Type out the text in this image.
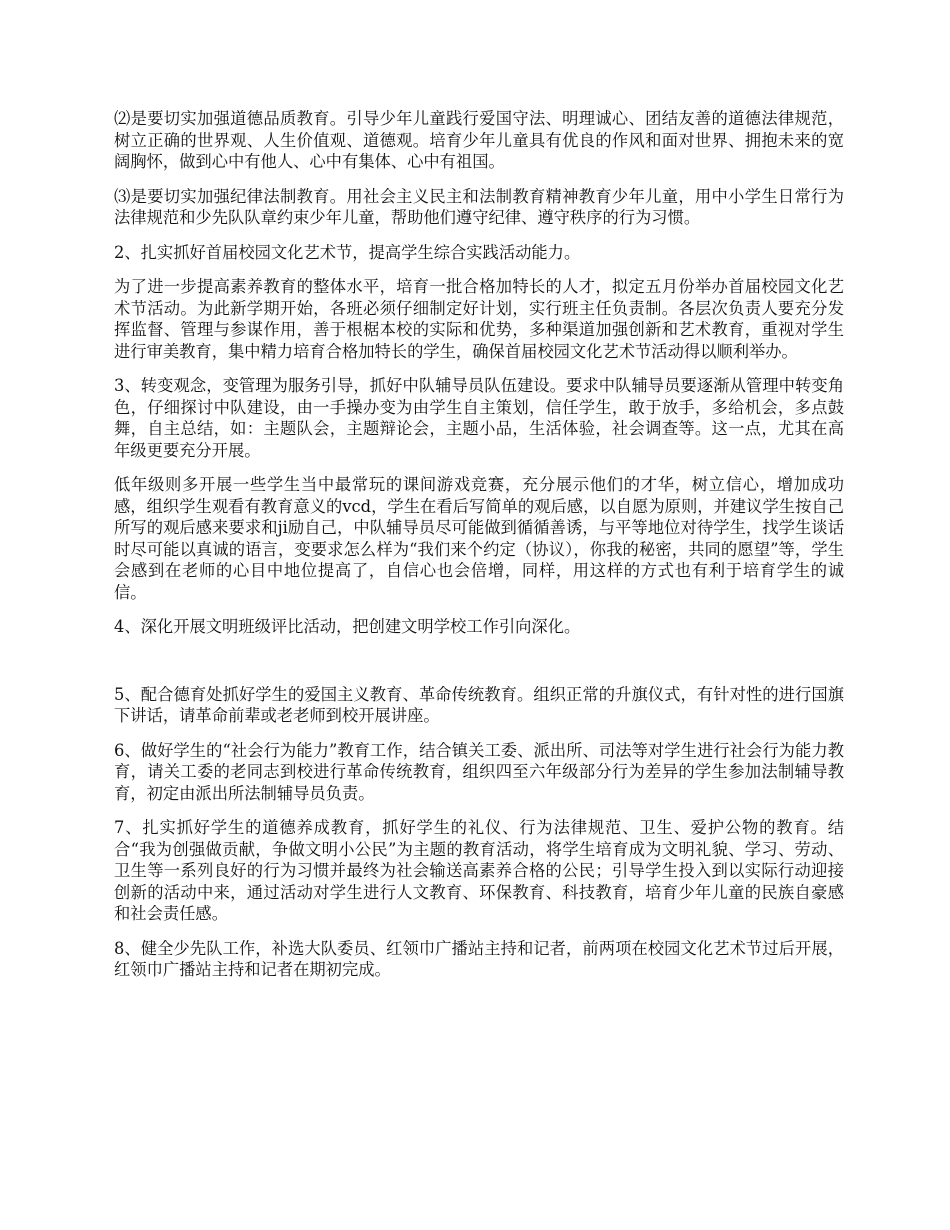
⑵是要切实加强道德品质教育。引导少年儿童践行爱国守法、明理诚心、团结友善的道德法律规范，树立正确的世界观、人生价值观、道德观。培育少年儿童具有优良的作风和面对世界、拥抱未来的宽阔胸怀，做到心中有他人、心中有集体、心中有祖国。

⑶是要切实加强纪律法制教育。用社会主义民主和法制教育精神教育少年儿童，用中小学生日常行为法律规范和少先队队章约束少年儿童，帮助他们遵守纪律、遵守秩序的行为习惯。

2、扎实抓好首届校园文化艺术节，提高学生综合实践活动能力。

为了进一步提高素养教育的整体水平，培育一批合格加特长的人才，拟定五月份举办首届校园文化艺术节活动。为此新学期开始，各班必须仔细制定好计划，实行班主任负责制。各层次负责人要充分发挥监督、管理与参谋作用，善于根椐本校的实际和优势，多种渠道加强创新和艺术教育，重视对学生进行审美教育，集中精力培育合格加特长的学生，确保首届校园文化艺术节活动得以顺利举办。

3、转变观念，变管理为服务引导，抓好中队辅导员队伍建设。要求中队辅导员要逐渐从管理中转变角色，仔细探讨中队建设，由一手操办变为由学生自主策划，信任学生，敢于放手，多给机会，多点鼓舞，自主总结，如：主题队会，主题辩论会，主题小品，生活体验，社会调查等。这一点，尤其在高年级更要充分开展。

低年级则多开展一些学生当中最常玩的课间游戏竞赛，充分展示他们的才华，树立信心，增加成功感，组织学生观看有教育意义的vcd，学生在看后写简单的观后感，以自愿为原则，并建议学生按自己所写的观后感来要求和ji励自己，中队辅导员尽可能做到循循善诱，与平等地位对待学生，找学生谈话时尽可能以真诚的语言，变要求怎么样为“我们来个约定（协议），你我的秘密，共同的愿望”等，学生会感到在老师的心目中地位提高了，自信心也会倍增，同样，用这样的方式也有利于培育学生的诚信。

4、深化开展文明班级评比活动，把创建文明学校工作引向深化。

5、配合德育处抓好学生的爱国主义教育、革命传统教育。组织正常的升旗仪式，有针对性的进行国旗下讲话，请革命前辈或老老师到校开展讲座。

6、做好学生的“社会行为能力”教育工作，结合镇关工委、派出所、司法等对学生进行社会行为能力教育，请关工委的老同志到校进行革命传统教育，组织四至六年级部分行为差异的学生参加法制辅导教育，初定由派出所法制辅导员负责。

7、扎实抓好学生的道德养成教育，抓好学生的礼仪、行为法律规范、卫生、爱护公物的教育。结合“我为创强做贡献，争做文明小公民”为主题的教育活动，将学生培育成为文明礼貌、学习、劳动、卫生等一系列良好的行为习惯并最终为社会输送高素养合格的公民；引导学生投入到以实际行动迎接创新的活动中来，通过活动对学生进行人文教育、环保教育、科技教育，培育少年儿童的民族自豪感和社会责任感。

8、健全少先队工作，补选大队委员、红领巾广播站主持和记者，前两项在校园文化艺术节过后开展，红领巾广播站主持和记者在期初完成。
